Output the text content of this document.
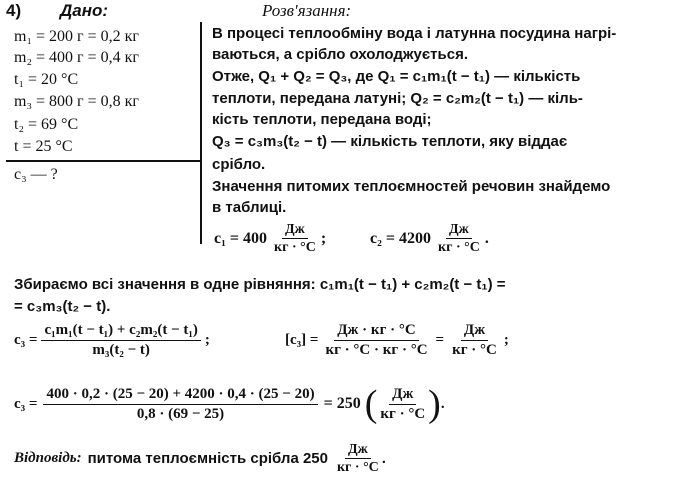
4) Дано:	Розв'язання:
m₁ = 200 г = 0,2 кг
m₂ = 400 г = 0,4 кг
t₁ = 20 °C
m₃ = 800 г = 0,8 кг
t₂ = 69 °C
t = 25 °C
c₃ — ?
В процесі теплообміну вода і латунна посудина нагрі-
ваються, а срібло охолоджується.
Отже, Q₁ + Q₂ = Q₃, де Q₁ = c₁m₁(t − t₁) — кількість
теплоти, передана латуні; Q₂ = c₂m₂(t − t₁) — кіль-
кість теплоти, передана воді;
Q₃ = c₃m₃(t₂ − t) — кількість теплоти, яку віддає
срібло.
Значення питомих теплоємностей речовин знайдемо
в таблиці.
$c_1 = 400 \frac{Дж}{кг \cdot ^\circ C}$ ;	$c_2 = 4200 \frac{Дж}{кг \cdot ^\circ C}$ .
Збираємо всі значення в одне рівняння: c₁m₁(t − t₁) + c₂m₂(t − t₁) =
= c₃m₃(t₂ − t).
$c_3 = \frac{\text{c₁m₁(t − t₁) + c₂m₂(t − t₁)}}{\text{m₃(t₂ − t)}}$ ;	$[c_3] = \frac{Дж \cdot кг \cdot ^\circ C}{кг \cdot ^\circ C \cdot кг \cdot ^\circ C} = \frac{Дж}{кг \cdot ^\circ C}$ ;
$c_3 = \frac{400 \cdot 0,2 \cdot (25 - 20) + 4200 \cdot 0,4 \cdot (25 - 20)}{0,8 \cdot (69 - 25)} = 250$ ( $\frac{Дж}{кг \cdot ^\circ C}$ ) .
Відповідь: питома теплоємність срібла $250 \frac{Дж}{кг \cdot ^\circ C}$ .
